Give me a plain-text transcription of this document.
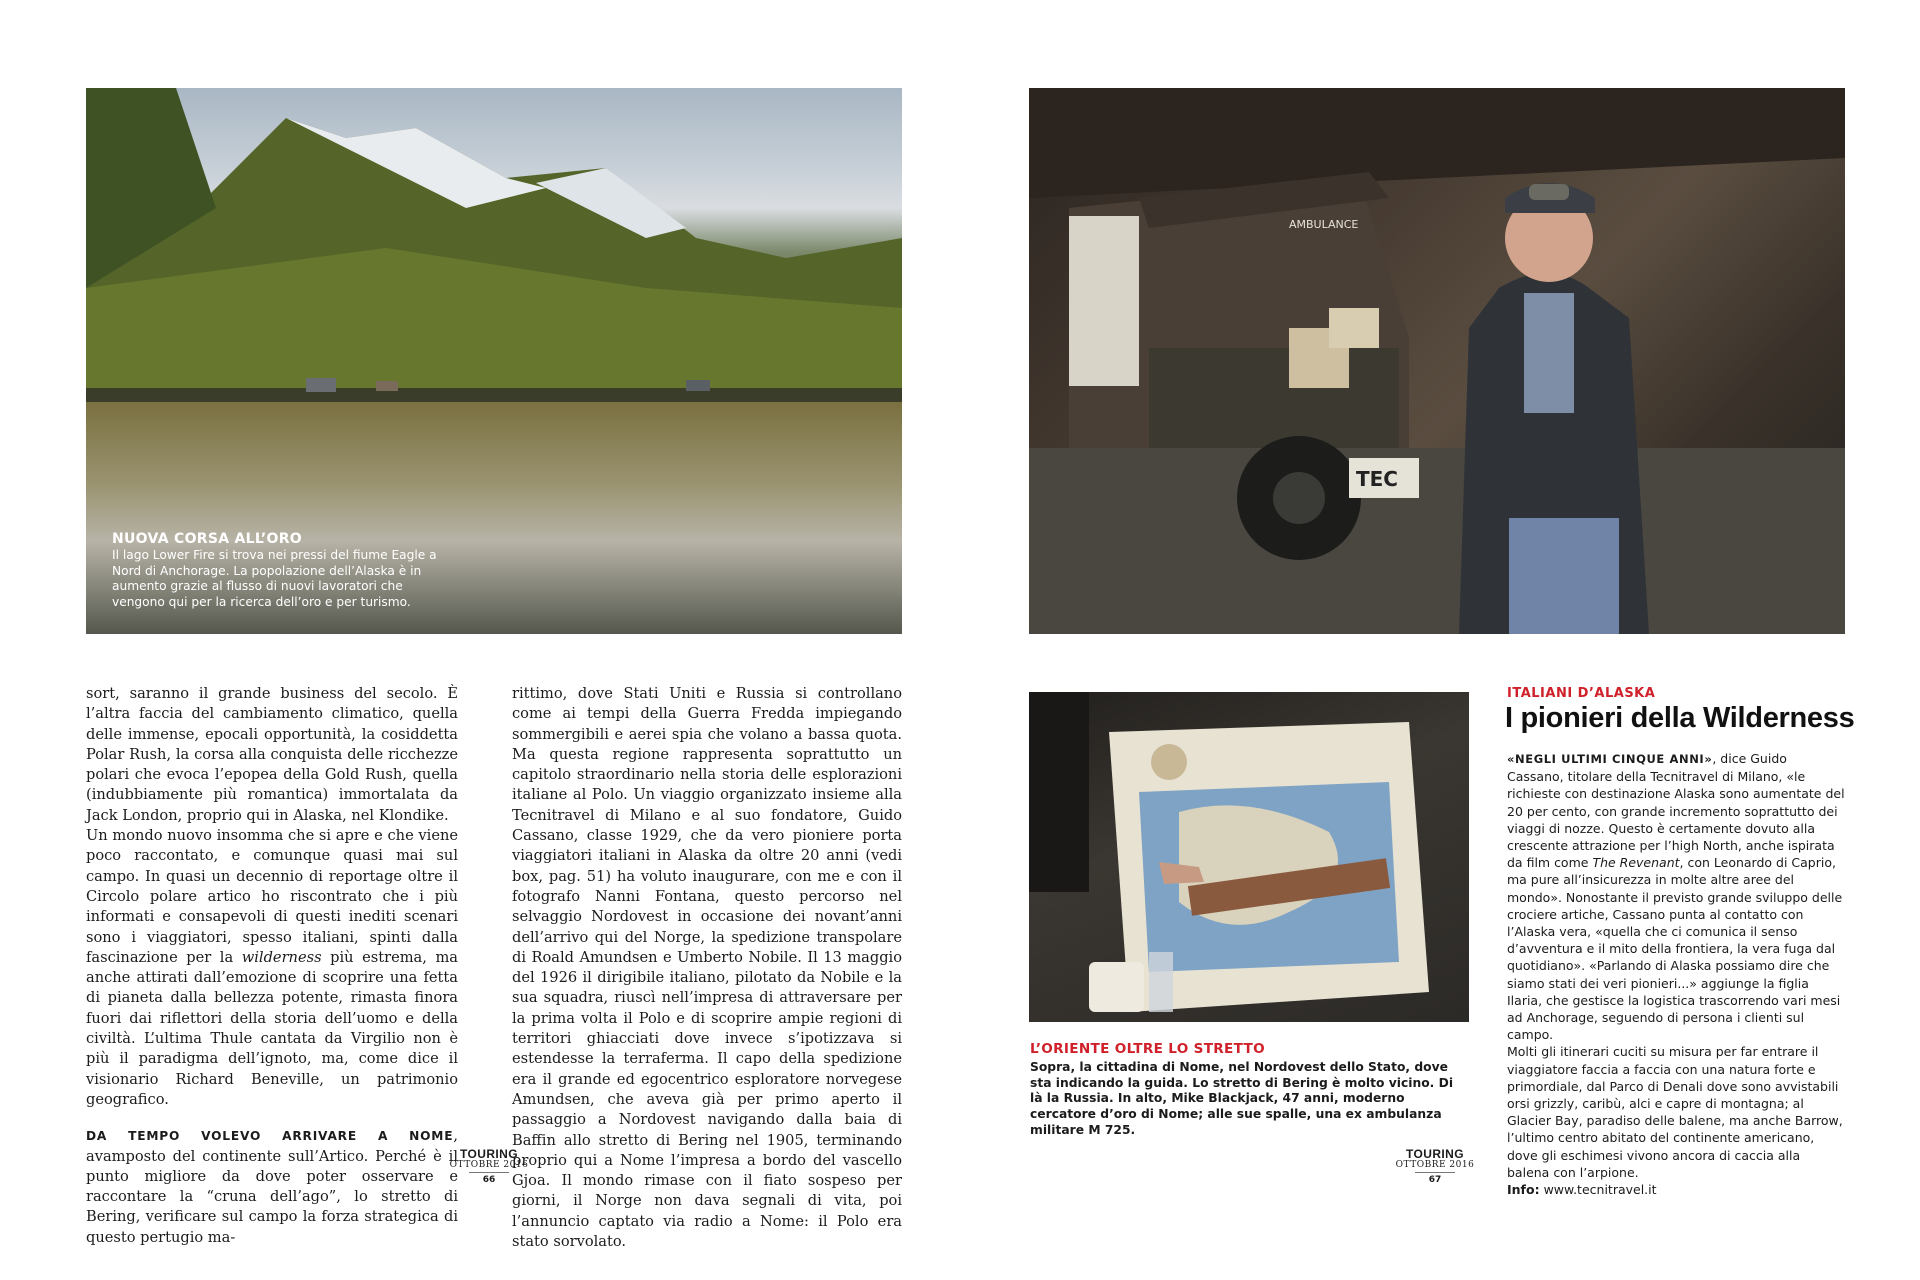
NUOVA CORSA ALL’ORO
Il lago Lower Fire si trova nei pressi del fiume Eagle a Nord di Anchorage. La popolazione dell’Alaska è in aumento grazie al flusso di nuovi lavoratori che vengono qui per la ricerca dell’oro e per turismo.

sort, saranno il grande business del secolo. È l’altra faccia del cambiamento climatico, quella delle immense, epocali opportunità, la cosiddetta Polar Rush, la corsa alla conquista delle ricchezze polari che evoca l’epopea della Gold Rush, quella (indubbiamente più romantica) immortalata da Jack London, proprio qui in Alaska, nel Klondike.

Un mondo nuovo insomma che si apre e che viene poco raccontato, e comunque quasi mai sul campo. In quasi un decennio di reportage oltre il Circolo polare artico ho riscontrato che i più informati e consapevoli di questi inediti scenari sono i viaggiatori, spesso italiani, spinti dalla fascinazione per la wilderness più estrema, ma anche attirati dall’emozione di scoprire una fetta di pianeta dalla bellezza potente, rimasta finora fuori dai riflettori della storia dell’uomo e della civiltà. L’ultima Thule cantata da Virgilio non è più il paradigma dell’ignoto, ma, come dice il visionario Richard Beneville, un patrimonio geografico.

DA TEMPO VOLEVO ARRIVARE A NOME, avamposto del continente sull’Artico. Perché è il punto migliore da dove poter osservare e raccontare la “cruna dell’ago”, lo stretto di Bering, verificare sul campo la forza strategica di questo pertugio ma-

rittimo, dove Stati Uniti e Russia si controllano come ai tempi della Guerra Fredda impiegando sommergibili e aerei spia che volano a bassa quota. Ma questa regione rappresenta soprattutto un capitolo straordinario nella storia delle esplorazioni italiane al Polo. Un viaggio organizzato insieme alla Tecnitravel di Milano e al suo fondatore, Guido Cassano, classe 1929, che da vero pioniere porta viaggiatori italiani in Alaska da oltre 20 anni (vedi box, pag. 51) ha voluto inaugurare, con me e con il fotografo Nanni Fontana, questo percorso nel selvaggio Nordovest in occasione dei novant’anni dell’arrivo qui del Norge, la spedizione transpolare di Roald Amundsen e Umberto Nobile. Il 13 maggio del 1926 il dirigibile italiano, pilotato da Nobile e la sua squadra, riuscì nell’impresa di attraversare per la prima volta il Polo e di scoprire ampie regioni di territori ghiacciati dove invece s’ipotizzava si estendesse la terraferma. Il capo della spedizione era il grande ed egocentrico esploratore norvegese Amundsen, che aveva già per primo aperto il passaggio a Nordovest navigando dalla baia di Baffin allo stretto di Bering nel 1905, terminando proprio qui a Nome l’impresa a bordo del vascello Gjoa. Il mondo rimase con il fiato sospeso per giorni, il Norge non dava segnali di vita, poi l’annuncio captato via radio a Nome: il Polo era stato sorvolato.

TOURING
OTTOBRE 2016
66
AMBULANCE
TEC
L’ORIENTE OLTRE LO STRETTO
Sopra, la cittadina di Nome, nel Nordovest dello Stato, dove sta indicando la guida. Lo stretto di Bering è molto vicino. Di là la Russia. In alto, Mike Blackjack, 47 anni, moderno cercatore d’oro di Nome; alle sue spalle, una ex ambulanza militare M 725.
ITALIANI D’ALASKA
I pionieri della Wilderness

«NEGLI ULTIMI CINQUE ANNI», dice Guido Cassano, titolare della Tecnitravel di Milano, «le richieste con destinazione Alaska sono aumentate del 20 per cento, con grande incremento soprattutto dei viaggi di nozze. Questo è certamente dovuto alla crescente attrazione per l’high North, anche ispirata da film come The Revenant, con Leonardo di Caprio, ma pure all’insicurezza in molte altre aree del mondo». Nonostante il previsto grande sviluppo delle crociere artiche, Cassano punta al contatto con l’Alaska vera, «quella che ci comunica il senso d’avventura e il mito della frontiera, la vera fuga dal quotidiano». «Parlando di Alaska possiamo dire che siamo stati dei veri pionieri...» aggiunge la figlia Ilaria, che gestisce la logistica trascorrendo vari mesi ad Anchorage, seguendo di persona i clienti sul campo.

Molti gli itinerari cuciti su misura per far entrare il viaggiatore faccia a faccia con una natura forte e primordiale, dal Parco di Denali dove sono avvistabili orsi grizzly, caribù, alci e capre di montagna; al Glacier Bay, paradiso delle balene, ma anche Barrow, l’ultimo centro abitato del continente americano, dove gli eschimesi vivono ancora di caccia alla balena con l’arpione.

Info: www.tecnitravel.it

TOURING
OTTOBRE 2016
67
